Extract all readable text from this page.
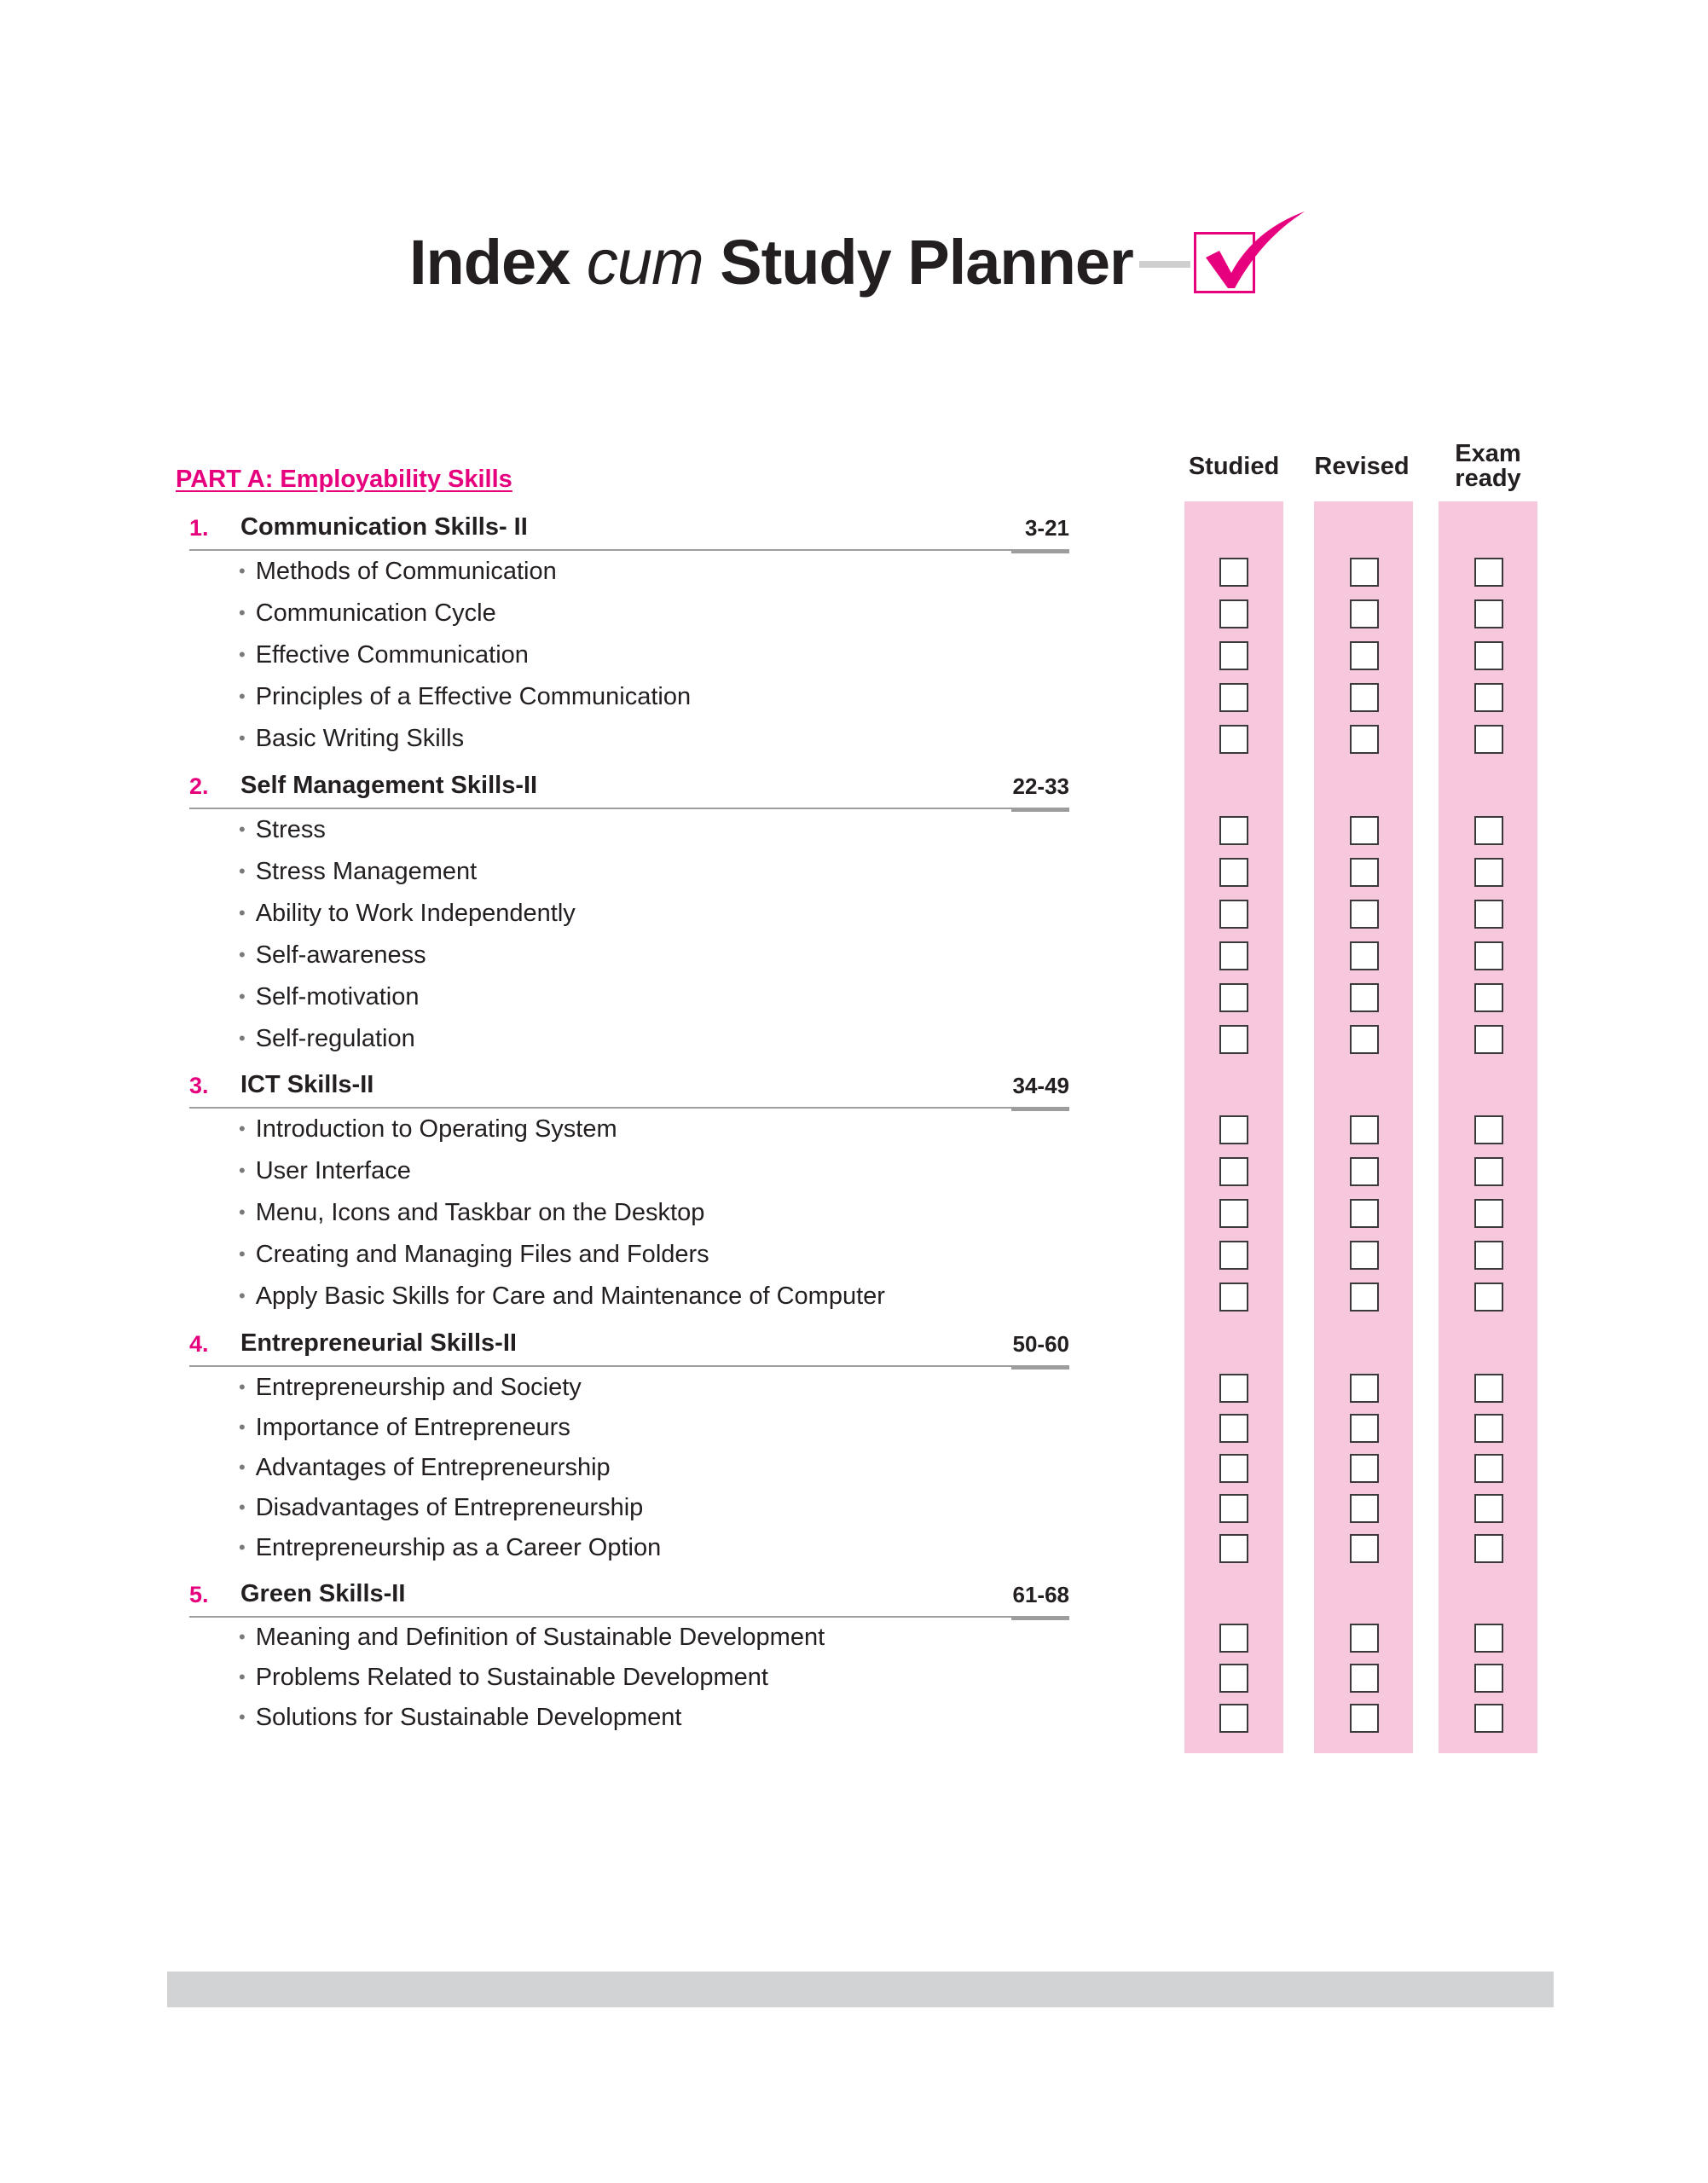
Index cum Study Planner
PART A: Employability Skills	Studied	Revised	Exam
ready
1. Communication Skills- II	3-21
• Methods of Communication
• Communication Cycle
• Effective Communication
• Principles of a Effective Communication
• Basic Writing Skills
2. Self Management Skills-II	22-33
• Stress
• Stress Management
• Ability to Work Independently
• Self-awareness
• Self-motivation
• Self-regulation
3. ICT Skills-II	34-49
• Introduction to Operating System
• User Interface
• Menu, Icons and Taskbar on the Desktop
• Creating and Managing Files and Folders
• Apply Basic Skills for Care and Maintenance of Computer
4. Entrepreneurial Skills-II	50-60
• Entrepreneurship and Society
• Importance of Entrepreneurs
• Advantages of Entrepreneurship
• Disadvantages of Entrepreneurship
• Entrepreneurship as a Career Option
5. Green Skills-II	61-68
• Meaning and Definition of Sustainable Development
• Problems Related to Sustainable Development
• Solutions for Sustainable Development
